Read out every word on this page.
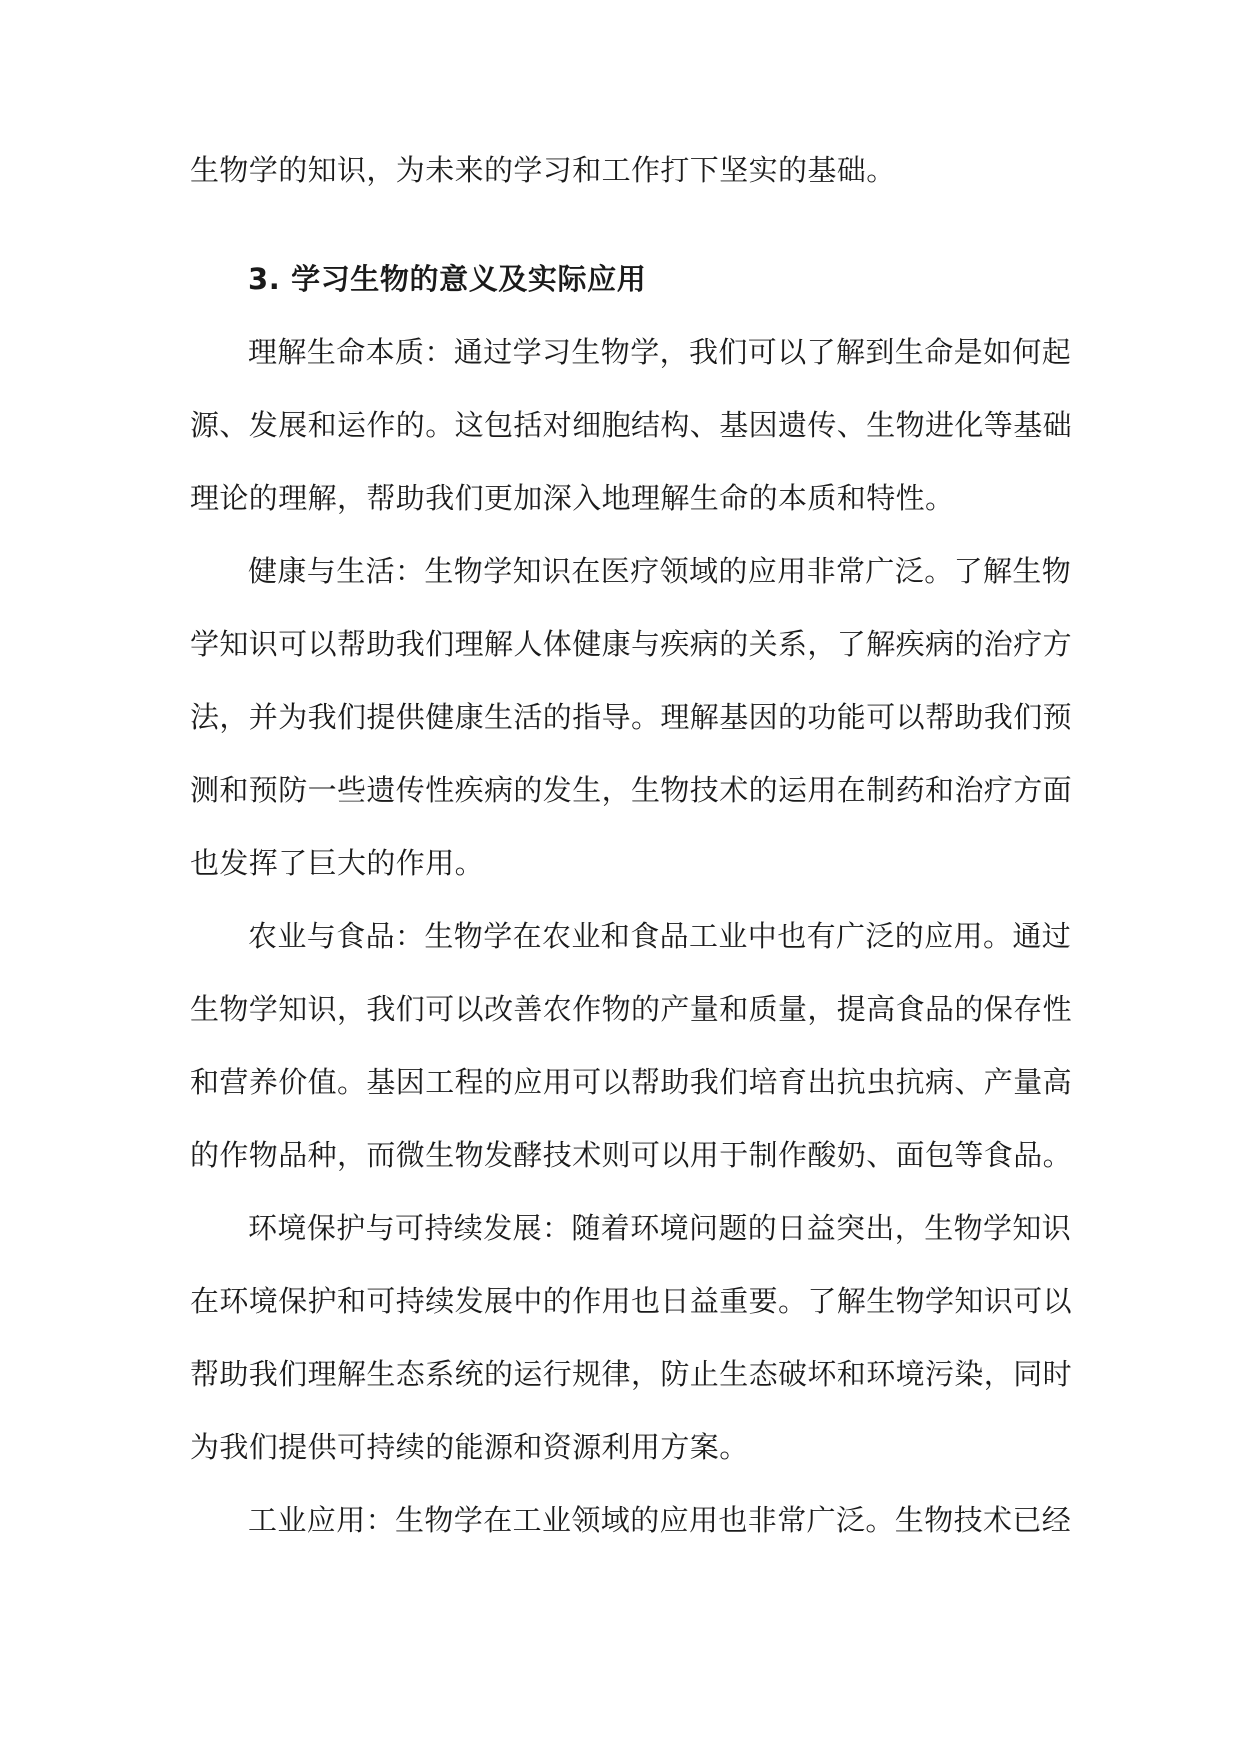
生物学的知识，为未来的学习和工作打下坚实的基础。
3. 学习生物的意义及实际应用
理解生命本质：通过学习生物学，我们可以了解到生命是如何起
源、发展和运作的。这包括对细胞结构、基因遗传、生物进化等基础
理论的理解，帮助我们更加深入地理解生命的本质和特性。
健康与生活：生物学知识在医疗领域的应用非常广泛。了解生物
学知识可以帮助我们理解人体健康与疾病的关系，了解疾病的治疗方
法，并为我们提供健康生活的指导。理解基因的功能可以帮助我们预
测和预防一些遗传性疾病的发生，生物技术的运用在制药和治疗方面
也发挥了巨大的作用。
农业与食品：生物学在农业和食品工业中也有广泛的应用。通过
生物学知识，我们可以改善农作物的产量和质量，提高食品的保存性
和营养价值。基因工程的应用可以帮助我们培育出抗虫抗病、产量高
的作物品种，而微生物发酵技术则可以用于制作酸奶、面包等食品。
环境保护与可持续发展：随着环境问题的日益突出，生物学知识
在环境保护和可持续发展中的作用也日益重要。了解生物学知识可以
帮助我们理解生态系统的运行规律，防止生态破坏和环境污染，同时
为我们提供可持续的能源和资源利用方案。
工业应用：生物学在工业领域的应用也非常广泛。生物技术已经
